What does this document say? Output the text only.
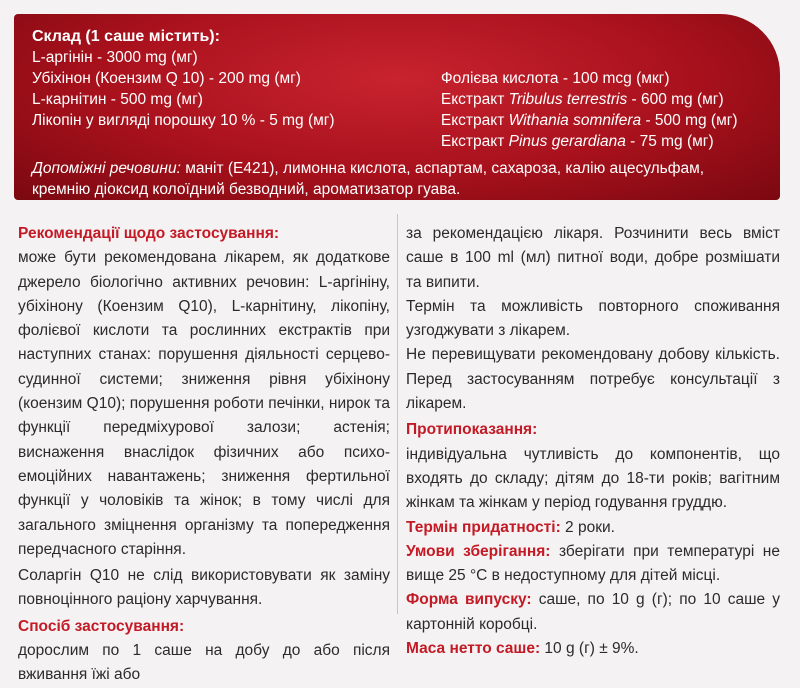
Склад (1 саше містить):
L-аргінін - 3000 mg (мг)
Убіхінон (Коензим Q 10) - 200 mg (мг)
L-карнітин - 500 mg (мг)
Лікопін у вигляді порошку 10 % - 5 mg (мг)
Фолієва кислота - 100 mcg (мкг)
Екстракт Tribulus terrestris - 600 mg (мг)
Екстракт Withania somnifera - 500 mg (мг)
Екстракт Pinus gerardiana - 75 mg (мг)
Допоміжні речовини: маніт (Е421), лимонна кислота, аспартам, сахароза, калію ацесульфам, кремнію діоксид колоїдний безводний, ароматизатор гуава.
Рекомендації щодо застосування:
може бути рекомендована лікарем, як додаткове джерело біологічно активних речовин: L-аргініну, убіхінону (Коензим Q10), L-карнітину, лікопіну, фолієвої кислоти та рослинних екстрактів при наступних станах: порушення діяльності серцево-судинної системи; зниження рівня убіхінону (коензим Q10); порушення роботи печінки, нирок та функції передміхурової залози; астенія; виснаження внаслідок фізичних або психо-емоційних навантажень; зниження фертильної функції у чоловіків та жінок; в тому числі для загального зміцнення організму та попередження передчасного старіння.
Соларгін Q10 не слід використовувати як заміну повноцінного раціону харчування.
Спосіб застосування:
дорослим по 1 саше на добу до або після вживання їжі або
за рекомендацією лікаря. Розчинити весь вміст саше в 100 ml (мл) питної води, добре розмішати та випити.
Термін та можливість повторного споживання узгоджувати з лікарем.
Не перевищувати рекомендовану добову кількість. Перед застосуванням потребує консультації з лікарем.
Протипоказання:
індивідуальна чутливість до компонентів, що входять до складу; дітям до 18-ти років; вагітним жінкам та жінкам у період годування груддю.
Термін придатності: 2 роки.
Умови зберігання: зберігати при температурі не вище 25 °С в недоступному для дітей місці.
Форма випуску: саше, по 10 g (г); по 10 саше у картонній коробці.
Маса нетто саше: 10 g (г) ± 9%.
